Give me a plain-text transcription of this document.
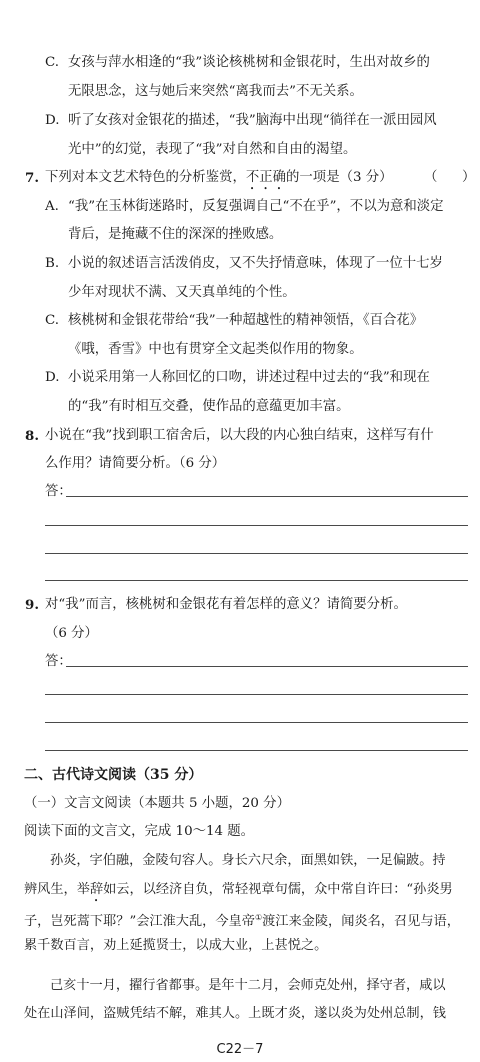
C. 女孩与萍水相逢的“我”谈论核桃树和金银花时，生出对故乡的
无限思念，这与她后来突然“离我而去”不无关系。
D. 听了女孩对金银花的描述，“我”脑海中出现“徜徉在一派田园风
光中”的幻觉，表现了“我”对自然和自由的渴望。
7. 下列对本文艺术特色的分析鉴赏，不正确的一项是（3 分） （ ）
A. “我”在玉林街迷路时，反复强调自己“不在乎”，不以为意和淡定
背后，是掩藏不住的深深的挫败感。
B. 小说的叙述语言活泼俏皮，又不失抒情意味，体现了一位十七岁
少年对现状不满、又天真单纯的个性。
C. 核桃树和金银花带给“我”一种超越性的精神领悟，《百合花》
《哦，香雪》中也有贯穿全文起类似作用的物象。
D. 小说采用第一人称回忆的口吻，讲述过程中过去的“我”和现在
的“我”有时相互交叠，使作品的意蕴更加丰富。
8. 小说在“我”找到职工宿舍后，以大段的内心独白结束，这样写有什
么作用？请简要分析。（6 分）
答：
9. 对“我”而言，核桃树和金银花有着怎样的意义？请简要分析。
（6 分）
答：
二、古代诗文阅读（35 分）
（一）文言文阅读（本题共 5 小题，20 分）
阅读下面的文言文，完成 10～14 题。
孙炎，字伯融，金陵句容人。身长六尺余，面黑如铁，一足偏跛。持
辨风生，举辞如云，以经济自负，常轻视章句儒，众中常自许曰：“孙炎男
子，岂死蒿下耶？”会江淮大乱，今皇帝①渡江来金陵，闻炎名，召见与语，
累千数百言，劝上延揽贤士，以成大业，上甚悦之。
己亥十一月，擢行省都事。是年十二月，会师克处州，择守者，咸以
处在山泽间，盗贼凭结不解，难其人。上既才炎，遂以炎为处州总制，钱
C22－7
